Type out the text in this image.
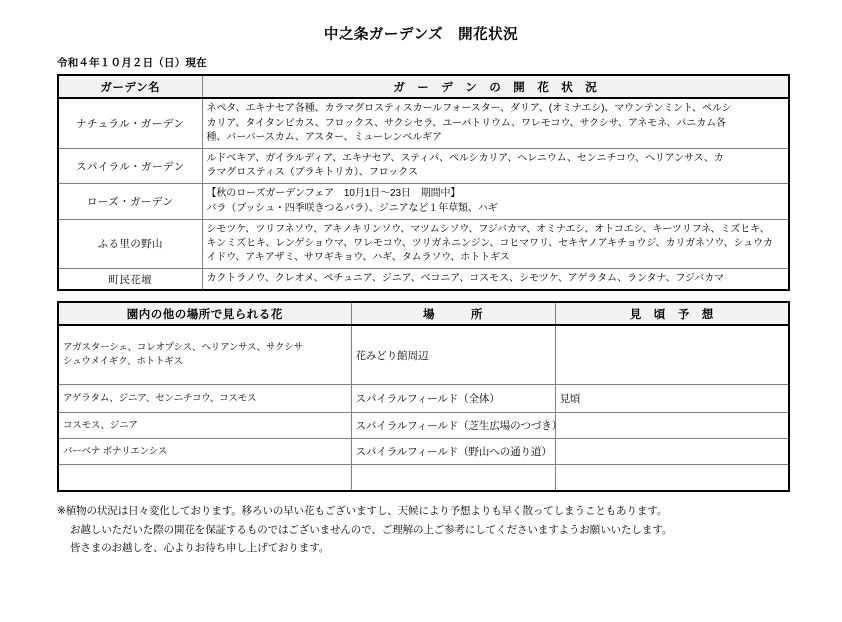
中之条ガーデンズ　開花状況
令和４年１０月２日（日）現在
ガーデン名	ガ　ー　デ　ン　の　開　花　状　況
ナチュラル・ガーデン	ネペタ、エキナセア各種、カラマグロスティスカールフォースター、ダリア、(オミナエシ)、マウンテンミント、ペルシ
カリア、タイタンビカス、フロックス、サクシセラ、ユーパトリウム、ワレモコウ、サクシサ、アネモネ、パニカム各
種、バーバースカム、アスター、ミューレンベルギア

スパイラル・ガーデン	ルドベキア、ガイラルディア、エキナセア、スティパ、ペルシカリア、ヘレニウム、センニチコウ、ヘリアンサス、カ
ラマグロスティス（ブラキトリカ）、フロックス

ローズ・ガーデン	【秋のローズガーデンフェア　10月1日～23日　期間中】
バラ（ブッシュ・四季咲きつるバラ）、ジニアなど１年草類、ハギ

ふる里の野山	シモツケ、ツリフネソウ、アキノキリンソウ、マツムシソウ、フジバカマ、オミナエシ、オトコエシ、キーツリフネ、ミズヒキ、
キンミズヒキ、レンゲショウマ、ワレモコウ、ツリガネニンジン、コヒマワリ、セキヤノアキチョウジ、カリガネソウ、シュウカ
イドウ、アキアザミ、サワギキョウ、ハギ、タムラソウ、ホトトギス

町民花壇	カクトラノウ、クレオメ、ペチュニア、ジニア、ベコニア、コスモス、シモツケ、アゲラタム、ランタナ、フジバカマ
園内の他の場所で見られる花	場　　　所	見　頃　予　想

アガスターシェ、コレオプシス、ヘリアンサス、サクシサ
シュウメイギク、ホトトギス	花みどり館周辺	

アゲラタム、ジニア、センニチコウ、コスモス	スパイラルフィールド（全体）	見頃

コスモス、ジニア	スパイラルフィールド（芝生広場のつづき）	

バーベナ ボナリエンシス	スパイラルフィールド（野山への通り道）	

※植物の状況は日々変化しております。移ろいの早い花もございますし、天候により予想よりも早く散ってしまうこともあります。
お越しいただいた際の開花を保証するものではございませんので、ご理解の上ご参考にしてくださいますようお願いいたします。
皆さまのお越しを、心よりお待ち申し上げております。
